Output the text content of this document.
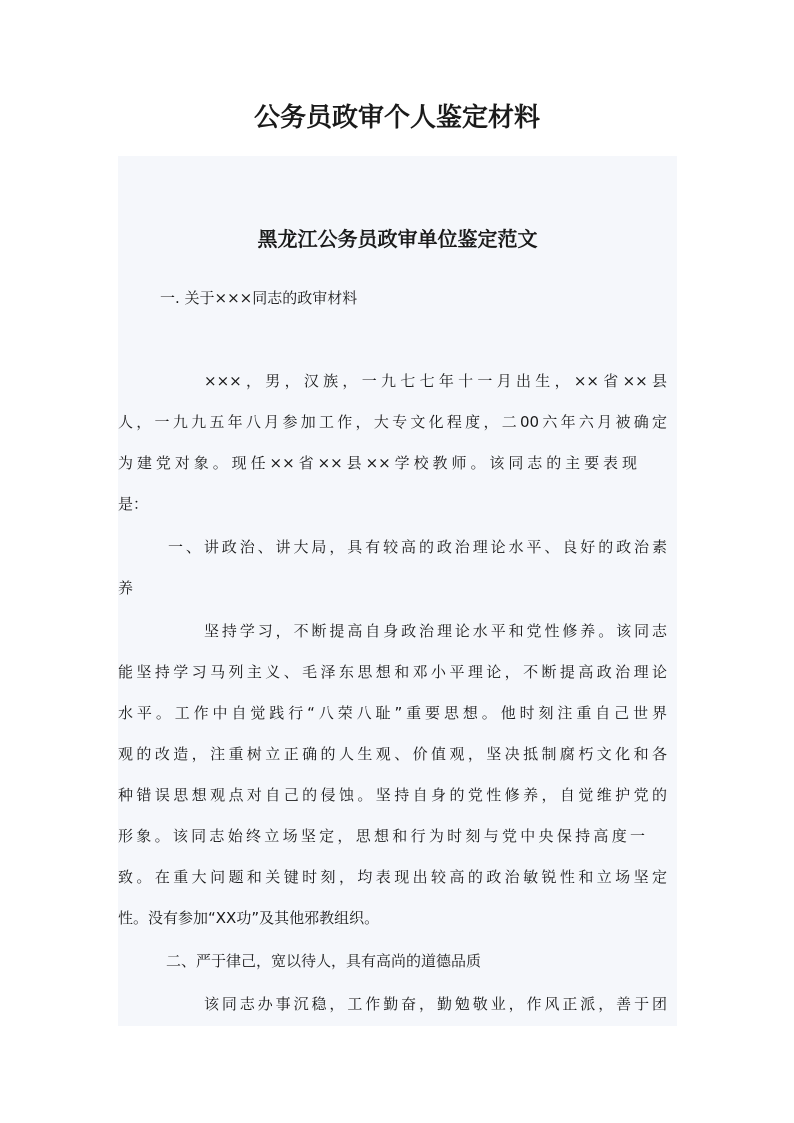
公务员政审个人鉴定材料
黑龙江公务员政审单位鉴定范文

一. 关于×××同志的政审材料

×××，男，汉族，一九七七年十一月出生，××省××县

人，一九九五年八月参加工作，大专文化程度，二00六年六月被确定

为建党对象。现任××省××县××学校教师。该同志的主要表现

是：

一、讲政治、讲大局，具有较高的政治理论水平、良好的政治素

养

坚持学习，不断提高自身政治理论水平和党性修养。该同志

能坚持学习马列主义、毛泽东思想和邓小平理论，不断提高政治理论

水平。工作中自觉践行“八荣八耻”重要思想。他时刻注重自己世界

观的改造，注重树立正确的人生观、价值观，坚决抵制腐朽文化和各

种错误思想观点对自己的侵蚀。坚持自身的党性修养，自觉维护党的

形象。该同志始终立场坚定，思想和行为时刻与党中央保持高度一

致。在重大问题和关键时刻，均表现出较高的政治敏锐性和立场坚定

性。没有参加“XX功”及其他邪教组织。

二、严于律己，宽以待人，具有高尚的道德品质

该同志办事沉稳，工作勤奋，勤勉敬业，作风正派，善于团
